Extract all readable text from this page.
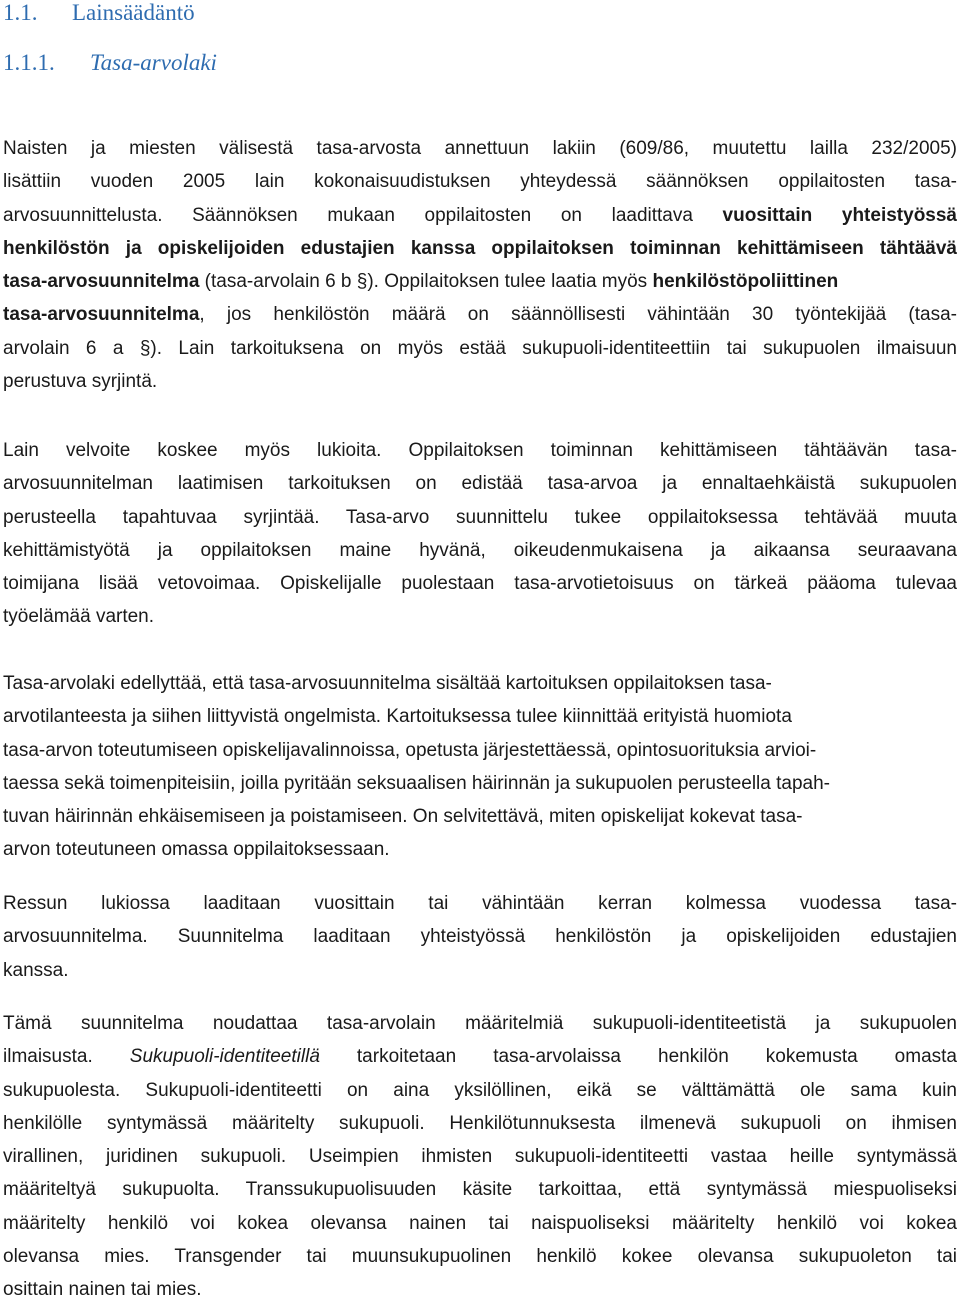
1.1. Lainsäädäntö
1.1.1. Tasa-arvolaki
Naisten ja miesten välisestä tasa-arvosta annettuun lakiin (609/86, muutettu lailla 232/2005)
lisättiin vuoden 2005 lain kokonaisuudistuksen yhteydessä säännöksen oppilaitosten tasa-
arvosuunnittelusta. Säännöksen mukaan oppilaitosten on laadittava vuosittain yhteistyössä
henkilöstön ja opiskelijoiden edustajien kanssa oppilaitoksen toiminnan kehittämiseen tähtäävä
tasa-arvosuunnitelma (tasa-arvolain 6 b §). Oppilaitoksen tulee laatia myös henkilöstöpoliittinen
tasa-arvosuunnitelma, jos henkilöstön määrä on säännöllisesti vähintään 30 työntekijää (tasa-
arvolain 6 a §). Lain tarkoituksena on myös estää sukupuoli-identiteettiin tai sukupuolen ilmaisuun
perustuva syrjintä.
Lain velvoite koskee myös lukioita. Oppilaitoksen toiminnan kehittämiseen tähtäävän tasa-
arvosuunnitelman laatimisen tarkoituksen on edistää tasa-arvoa ja ennaltaehkäistä sukupuolen
perusteella tapahtuvaa syrjintää. Tasa-arvo suunnittelu tukee oppilaitoksessa tehtävää muuta
kehittämistyötä ja oppilaitoksen maine hyvänä, oikeudenmukaisena ja aikaansa seuraavana
toimijana lisää vetovoimaa. Opiskelijalle puolestaan tasa-arvotietoisuus on tärkeä pääoma tulevaa
työelämää varten.
Tasa-arvolaki edellyttää, että tasa-arvosuunnitelma sisältää kartoituksen oppilaitoksen tasa-
arvotilanteesta ja siihen liittyvistä ongelmista. Kartoituksessa tulee kiinnittää erityistä huomiota
tasa-arvon toteutumiseen opiskelijavalinnoissa, opetusta järjestettäessä, opintosuorituksia arvioi-
taessa sekä toimenpiteisiin, joilla pyritään seksuaalisen häirinnän ja sukupuolen perusteella tapah-
tuvan häirinnän ehkäisemiseen ja poistamiseen. On selvitettävä, miten opiskelijat kokevat tasa-
arvon toteutuneen omassa oppilaitoksessaan.
Ressun lukiossa laaditaan vuosittain tai vähintään kerran kolmessa vuodessa tasa-
arvosuunnitelma. Suunnitelma laaditaan yhteistyössä henkilöstön ja opiskelijoiden edustajien
kanssa.
Tämä suunnitelma noudattaa tasa-arvolain määritelmiä sukupuoli-identiteetistä ja sukupuolen
ilmaisusta. Sukupuoli-identiteetillä tarkoitetaan tasa-arvolaissa henkilön kokemusta omasta
sukupuolesta. Sukupuoli-identiteetti on aina yksilöllinen, eikä se välttämättä ole sama kuin
henkilölle syntymässä määritelty sukupuoli. Henkilötunnuksesta ilmenevä sukupuoli on ihmisen
virallinen, juridinen sukupuoli. Useimpien ihmisten sukupuoli-identiteetti vastaa heille syntymässä
määriteltyä sukupuolta. Transsukupuolisuuden käsite tarkoittaa, että syntymässä miespuoliseksi
määritelty henkilö voi kokea olevansa nainen tai naispuoliseksi määritelty henkilö voi kokea
olevansa mies. Transgender tai muunsukupuolinen henkilö kokee olevansa sukupuoleton tai
osittain nainen tai mies.
